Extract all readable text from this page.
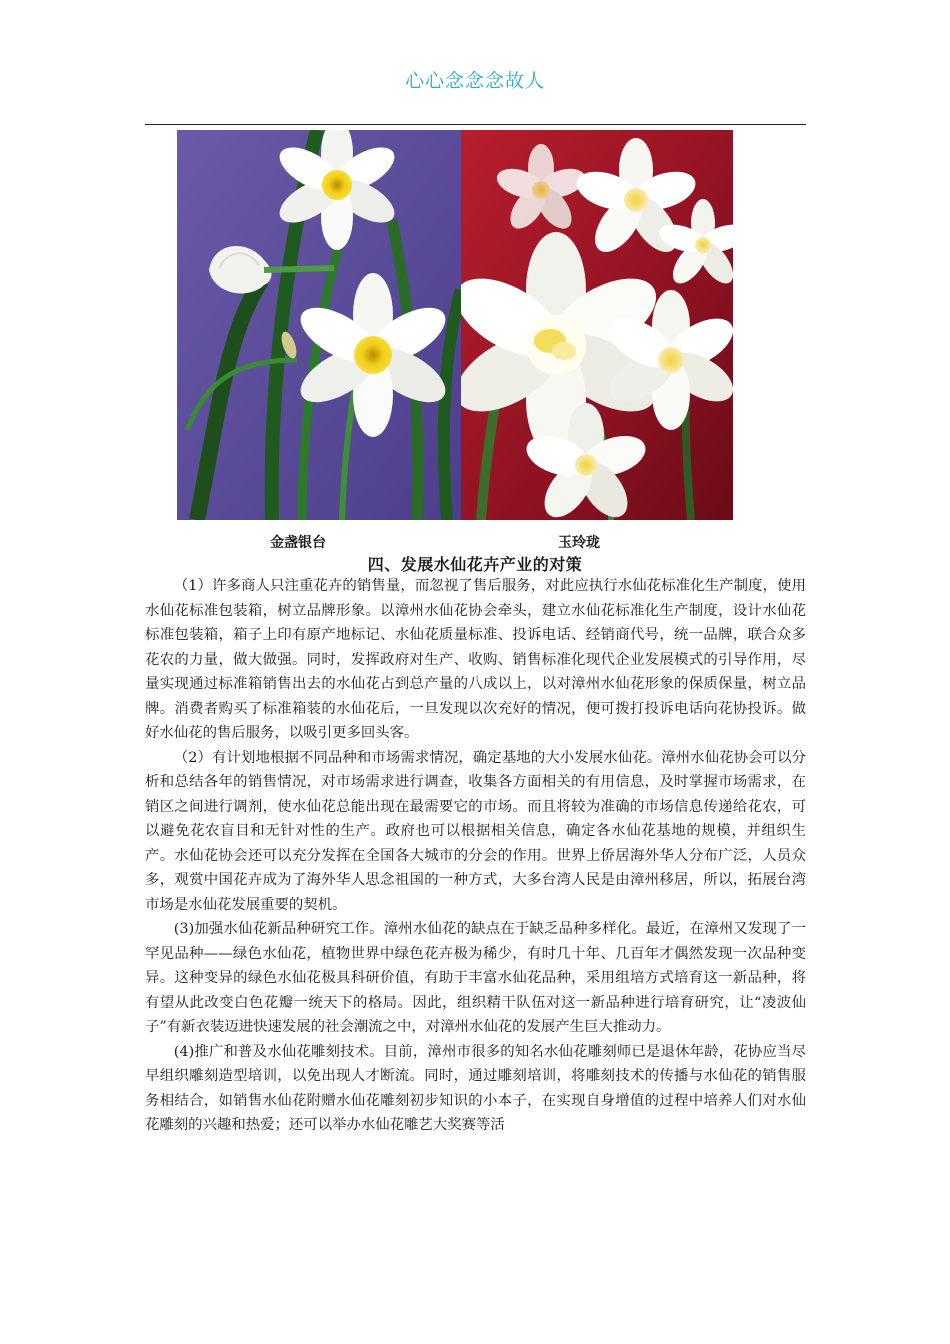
心心念念念故人
金盏银台	玉玲珑
四、发展水仙花卉产业的对策

（1）许多商人只注重花卉的销售量，而忽视了售后服务，对此应执行水仙花标准化生产制度，使用水仙花标准包装箱，树立品牌形象。以漳州水仙花协会牵头，建立水仙花标准化生产制度，设计水仙花标准包装箱，箱子上印有原产地标记、水仙花质量标准、投诉电话、经销商代号，统一品牌，联合众多花农的力量，做大做强。同时，发挥政府对生产、收购、销售标准化现代企业发展模式的引导作用，尽量实现通过标准箱销售出去的水仙花占到总产量的八成以上，以对漳州水仙花形象的保质保量，树立品牌。消费者购买了标准箱装的水仙花后，一旦发现以次充好的情况，便可拨打投诉电话向花协投诉。做好水仙花的售后服务，以吸引更多回头客。

（2）有计划地根据不同品种和市场需求情况，确定基地的大小发展水仙花。漳州水仙花协会可以分析和总结各年的销售情况，对市场需求进行调查，收集各方面相关的有用信息，及时掌握市场需求，在销区之间进行调剂，使水仙花总能出现在最需要它的市场。而且将较为准确的市场信息传递给花农，可以避免花农盲目和无针对性的生产。政府也可以根据相关信息，确定各水仙花基地的规模，并组织生产。水仙花协会还可以充分发挥在全国各大城市的分会的作用。世界上侨居海外华人分布广泛，人员众多，观赏中国花卉成为了海外华人思念祖国的一种方式，大多台湾人民是由漳州移居，所以，拓展台湾市场是水仙花发展重要的契机。

(3)加强水仙花新品种研究工作。漳州水仙花的缺点在于缺乏品种多样化。最近，在漳州又发现了一罕见品种——绿色水仙花，植物世界中绿色花卉极为稀少，有时几十年、几百年才偶然发现一次品种变异。这种变异的绿色水仙花极具科研价值，有助于丰富水仙花品种，采用组培方式培育这一新品种，将有望从此改变白色花瓣一统天下的格局。因此，组织精干队伍对这一新品种进行培育研究，让“凌波仙子”有新衣装迈进快速发展的社会潮流之中，对漳州水仙花的发展产生巨大推动力。

(4)推广和普及水仙花雕刻技术。目前，漳州市很多的知名水仙花雕刻师已是退休年龄，花协应当尽早组织雕刻造型培训，以免出现人才断流。同时，通过雕刻培训，将雕刻技术的传播与水仙花的销售服务相结合，如销售水仙花附赠水仙花雕刻初步知识的小本子，在实现自身增值的过程中培养人们对水仙花雕刻的兴趣和热爱；还可以举办水仙花雕艺大奖赛等活
